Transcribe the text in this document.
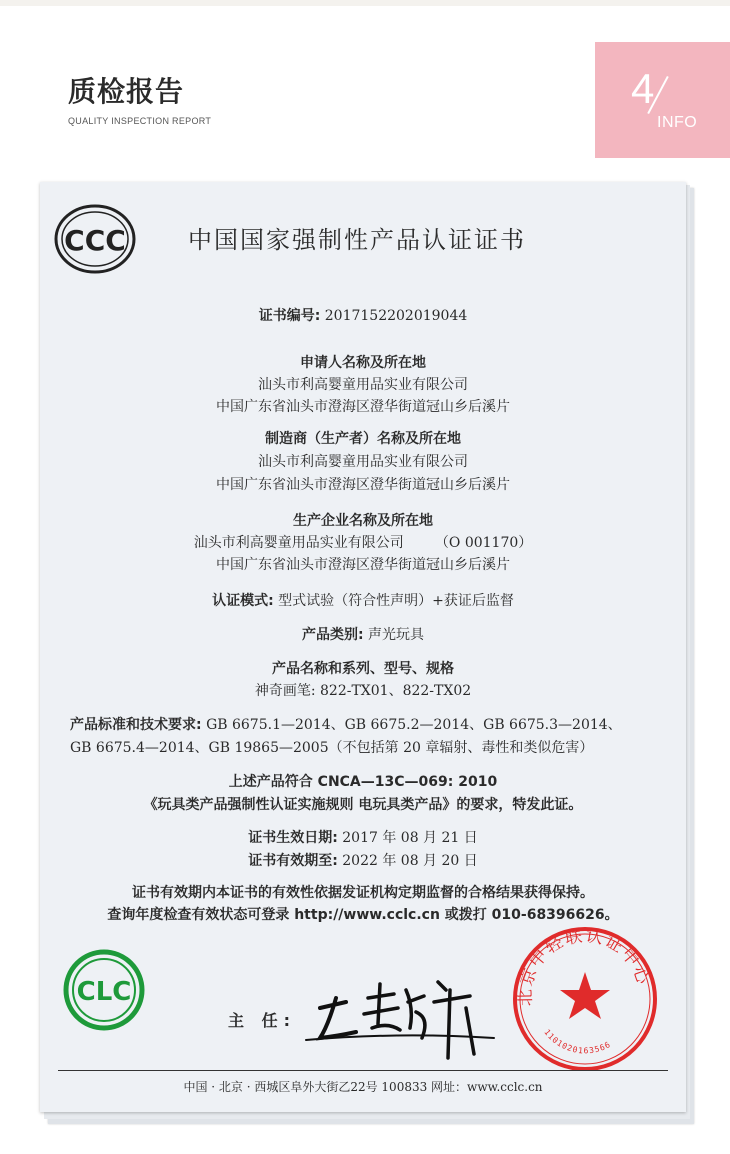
质检报告
QUALITY INSPECTION REPORT
4
INFO
CCC	中国国家强制性产品认证证书
证书编号: 2017152202019044
申请人名称及所在地
汕头市利高婴童用品实业有限公司
中国广东省汕头市澄海区澄华街道冠山乡后溪片
制造商（生产者）名称及所在地
汕头市利高婴童用品实业有限公司
中国广东省汕头市澄海区澄华街道冠山乡后溪片
生产企业名称及所在地
汕头市利高婴童用品实业有限公司 （O 001170）
中国广东省汕头市澄海区澄华街道冠山乡后溪片
认证模式: 型式试验（符合性声明）+获证后监督
产品类别: 声光玩具
产品名称和系列、型号、规格
神奇画笔: 822-TX01、822-TX02
产品标准和技术要求: GB 6675.1—2014、GB 6675.2—2014、GB 6675.3—2014、
GB 6675.4—2014、GB 19865—2005（不包括第 20 章辐射、毒性和类似危害）
上述产品符合 CNCA—13C—069: 2010
《玩具类产品强制性认证实施规则 电玩具类产品》的要求，特发此证。
证书生效日期: 2017 年 08 月 21 日
证书有效期至: 2022 年 08 月 20 日
证书有效期内本证书的有效性依据发证机构定期监督的合格结果获得保持。
查询年度检查有效状态可登录 http://www.cclc.cn 或拨打 010-68396626。
CLC
主 任:
北京中轻联认证中心
1101020163566
中国 · 北京 · 西城区阜外大街乙22号 100833 网址：www.cclc.cn
